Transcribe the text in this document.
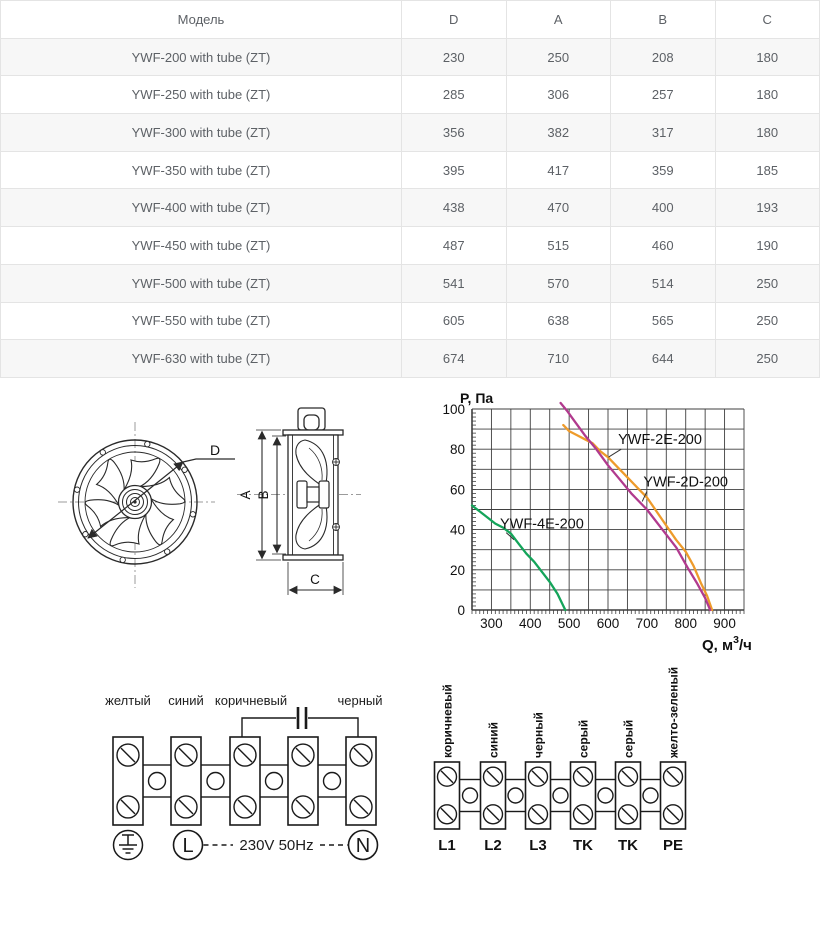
Модель	D	A	B	C
YWF-200 with tube (ZT)	230	250	208	180
YWF-250 with tube (ZT)	285	306	257	180
YWF-300 with tube (ZT)	356	382	317	180
YWF-350 with tube (ZT)	395	417	359	185
YWF-400 with tube (ZT)	438	470	400	193
YWF-450 with tube (ZT)	487	515	460	190
YWF-500 with tube (ZT)	541	570	514	250
YWF-550 with tube (ZT)	605	638	565	250
YWF-630 with tube (ZT)	674	710	644	250
D
A B
C
300 400 500 600 700 800 900
0
20
40
60
80
100
YWF-2E-200
YWF-2D-200
YWF-4E-200
P, Па
Q, $м^3/ч$
желтый синий коричневый	черный
L	N
230V 50Hz
коричневый	синий	черный	серый	серый	желто-зеленый
L1 L2 L3 TK TK PE
